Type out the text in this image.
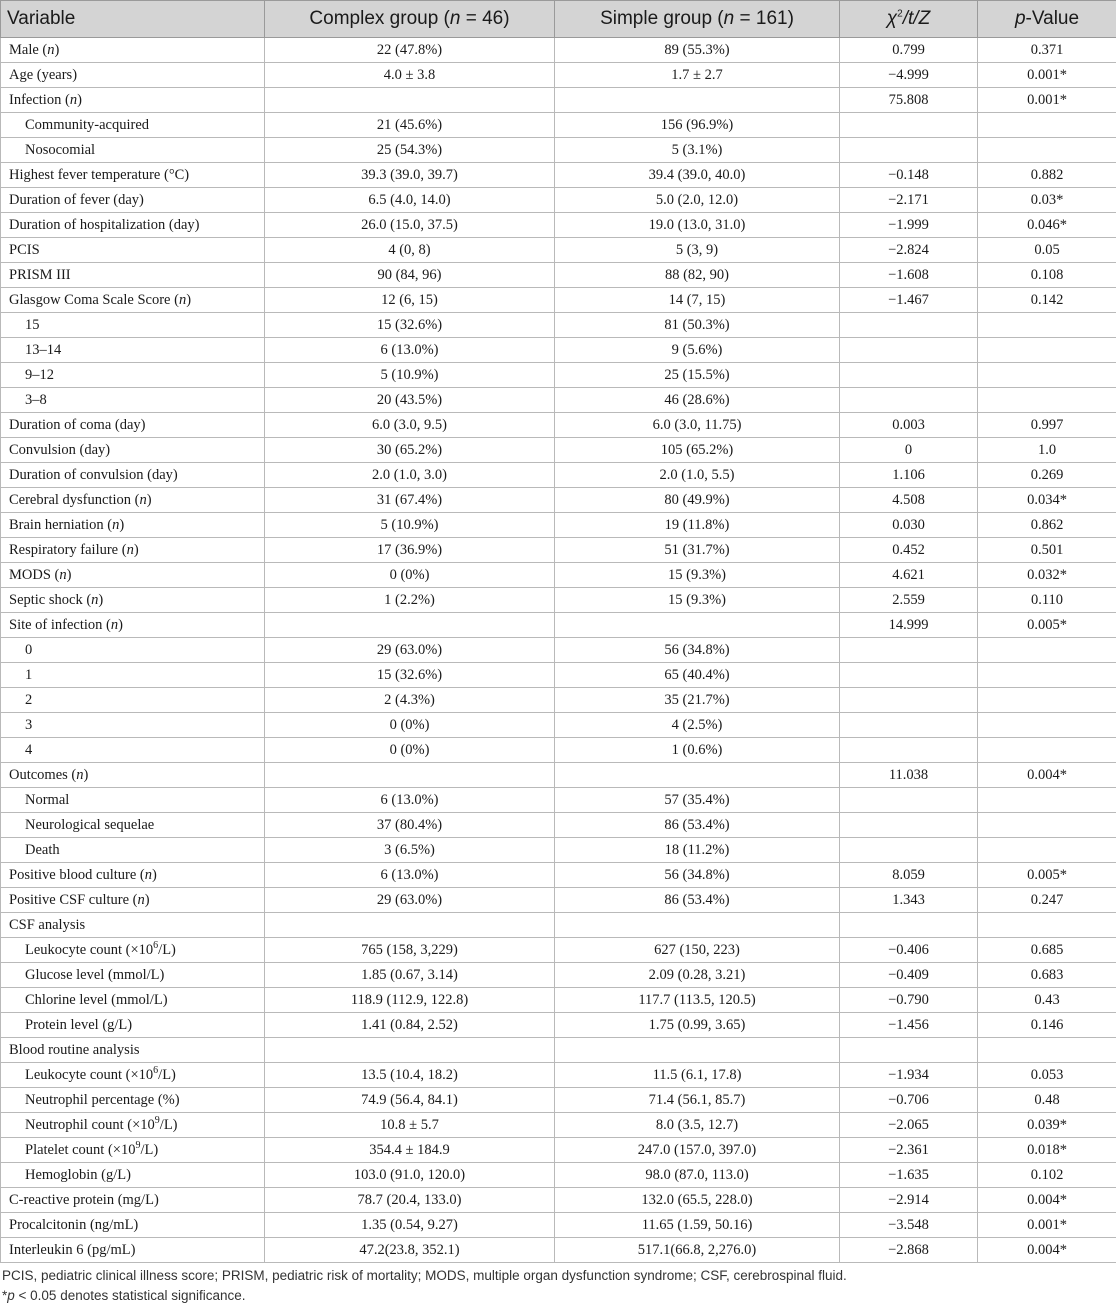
Variable	Complex group (n = 46)	Simple group (n = 161)	$\chi^2/t/Z$	p-Value
Male (n)	22 (47.8%)	89 (55.3%)	0.799	0.371
Age (years)	4.0 ± 3.8	1.7 ± 2.7	−4.999	0.001*
Infection (n)			75.808	0.001*
Community-acquired	21 (45.6%)	156 (96.9%)		
Nosocomial	25 (54.3%)	5 (3.1%)		
Highest fever temperature (°C)	39.3 (39.0, 39.7)	39.4 (39.0, 40.0)	−0.148	0.882
Duration of fever (day)	6.5 (4.0, 14.0)	5.0 (2.0, 12.0)	−2.171	0.03*
Duration of hospitalization (day)	26.0 (15.0, 37.5)	19.0 (13.0, 31.0)	−1.999	0.046*
PCIS	4 (0, 8)	5 (3, 9)	−2.824	0.05
PRISM III	90 (84, 96)	88 (82, 90)	−1.608	0.108
Glasgow Coma Scale Score (n)	12 (6, 15)	14 (7, 15)	−1.467	0.142
15	15 (32.6%)	81 (50.3%)		
13–14	6 (13.0%)	9 (5.6%)		
9–12	5 (10.9%)	25 (15.5%)		
3–8	20 (43.5%)	46 (28.6%)		
Duration of coma (day)	6.0 (3.0, 9.5)	6.0 (3.0, 11.75)	0.003	0.997
Convulsion (day)	30 (65.2%)	105 (65.2%)	0	1.0
Duration of convulsion (day)	2.0 (1.0, 3.0)	2.0 (1.0, 5.5)	1.106	0.269
Cerebral dysfunction (n)	31 (67.4%)	80 (49.9%)	4.508	0.034*
Brain herniation (n)	5 (10.9%)	19 (11.8%)	0.030	0.862
Respiratory failure (n)	17 (36.9%)	51 (31.7%)	0.452	0.501
MODS (n)	0 (0%)	15 (9.3%)	4.621	0.032*
Septic shock (n)	1 (2.2%)	15 (9.3%)	2.559	0.110
Site of infection (n)			14.999	0.005*
0	29 (63.0%)	56 (34.8%)		
1	15 (32.6%)	65 (40.4%)		
2	2 (4.3%)	35 (21.7%)		
3	0 (0%)	4 (2.5%)		
4	0 (0%)	1 (0.6%)		
Outcomes (n)			11.038	0.004*
Normal	6 (13.0%)	57 (35.4%)		
Neurological sequelae	37 (80.4%)	86 (53.4%)		
Death	3 (6.5%)	18 (11.2%)		
Positive blood culture (n)	6 (13.0%)	56 (34.8%)	8.059	0.005*
Positive CSF culture (n)	29 (63.0%)	86 (53.4%)	1.343	0.247
CSF analysis				
Leukocyte count $(\times 10^6/L)$	765 (158, 3,229)	627 (150, 223)	−0.406	0.685
Glucose level (mmol/L)	1.85 (0.67, 3.14)	2.09 (0.28, 3.21)	−0.409	0.683
Chlorine level (mmol/L)	118.9 (112.9, 122.8)	117.7 (113.5, 120.5)	−0.790	0.43
Protein level (g/L)	1.41 (0.84, 2.52)	1.75 (0.99, 3.65)	−1.456	0.146
Blood routine analysis				
Leukocyte count $(\times 10^6/L)$	13.5 (10.4, 18.2)	11.5 (6.1, 17.8)	−1.934	0.053
Neutrophil percentage (%)	74.9 (56.4, 84.1)	71.4 (56.1, 85.7)	−0.706	0.48
Neutrophil count $(\times 10^9/L)$	10.8 ± 5.7	8.0 (3.5, 12.7)	−2.065	0.039*
Platelet count $(\times 10^9/L)$	354.4 ± 184.9	247.0 (157.0, 397.0)	−2.361	0.018*
Hemoglobin (g/L)	103.0 (91.0, 120.0)	98.0 (87.0, 113.0)	−1.635	0.102
C-reactive protein (mg/L)	78.7 (20.4, 133.0)	132.0 (65.5, 228.0)	−2.914	0.004*
Procalcitonin (ng/mL)	1.35 (0.54, 9.27)	11.65 (1.59, 50.16)	−3.548	0.001*
Interleukin 6 (pg/mL)	47.2(23.8, 352.1)	517.1(66.8, 2,276.0)	−2.868	0.004*
PCIS, pediatric clinical illness score; PRISM, pediatric risk of mortality; MODS, multiple organ dysfunction syndrome; CSF, cerebrospinal fluid.
*p < 0.05 denotes statistical significance.
